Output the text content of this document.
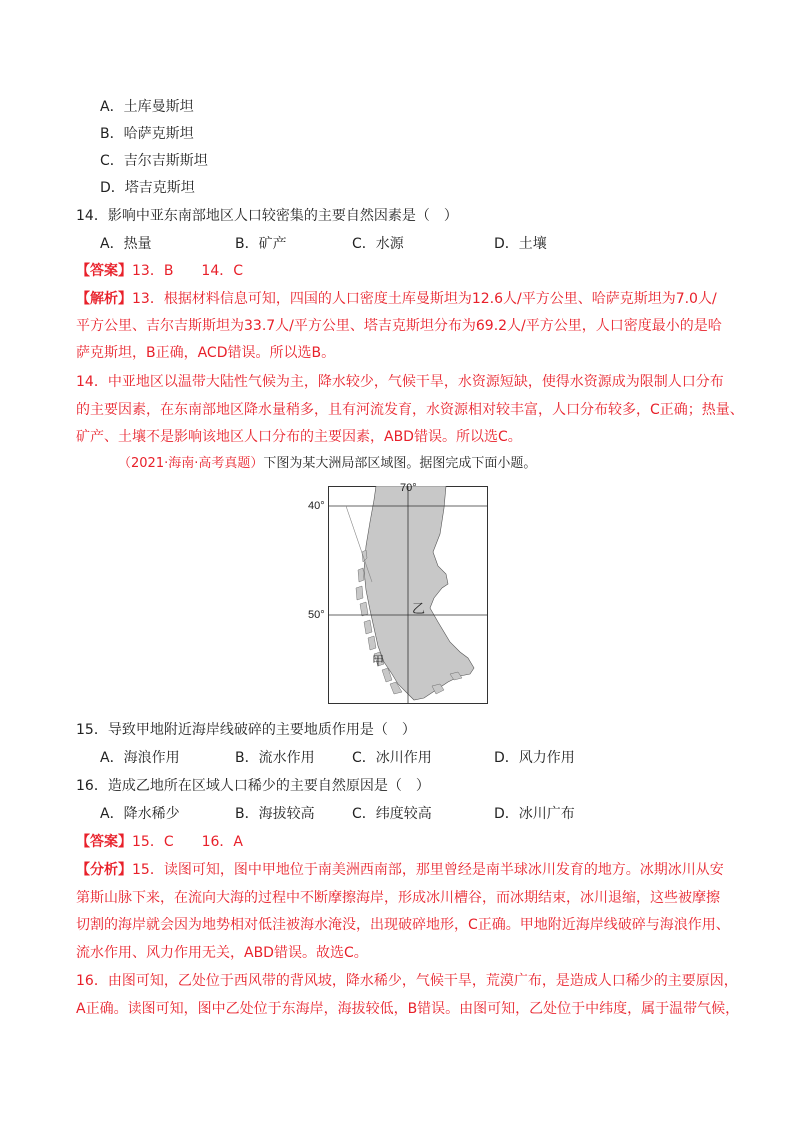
A．土库曼斯坦
B．哈萨克斯坦
C．吉尔吉斯斯坦
D．塔吉克斯坦
14．影响中亚东南部地区人口较密集的主要自然因素是（　）
A．热量	B．矿产	C．水源	D．土壤
【答案】13．B　　14．C
【解析】13．根据材料信息可知，四国的人口密度土库曼斯坦为12.6人/平方公里、哈萨克斯坦为7.0人/
平方公里、吉尔吉斯斯坦为33.7人/平方公里、塔吉克斯坦分布为69.2人/平方公里，人口密度最小的是哈
萨克斯坦，B正确，ACD错误。所以选B。
14．中亚地区以温带大陆性气候为主，降水较少，气候干旱，水资源短缺，使得水资源成为限制人口分布
的主要因素，在东南部地区降水量稍多，且有河流发育，水资源相对较丰富，人口分布较多，C正确；热量、
矿产、土壤不是影响该地区人口分布的主要因素，ABD错误。所以选C。
（2021·海南·高考真题）下图为某大洲局部区域图。据图完成下面小题。
70°
40°
50°	乙
甲
15．导致甲地附近海岸线破碎的主要地质作用是（　）
A．海浪作用	B．流水作用	C．冰川作用	D．风力作用
16．造成乙地所在区域人口稀少的主要自然原因是（　）
A．降水稀少	B．海拔较高	C．纬度较高	D．冰川广布
【答案】15．C　　16．A
【分析】15．读图可知，图中甲地位于南美洲西南部，那里曾经是南半球冰川发育的地方。冰期冰川从安
第斯山脉下来，在流向大海的过程中不断摩擦海岸，形成冰川槽谷，而冰期结束，冰川退缩，这些被摩擦
切割的海岸就会因为地势相对低洼被海水淹没，出现破碎地形，C正确。甲地附近海岸线破碎与海浪作用、
流水作用、风力作用无关，ABD错误。故选C。
16．由图可知，乙处位于西风带的背风坡，降水稀少，气候干旱，荒漠广布，是造成人口稀少的主要原因，
A正确。读图可知，图中乙处位于东海岸，海拔较低，B错误。由图可知，乙处位于中纬度，属于温带气候，
